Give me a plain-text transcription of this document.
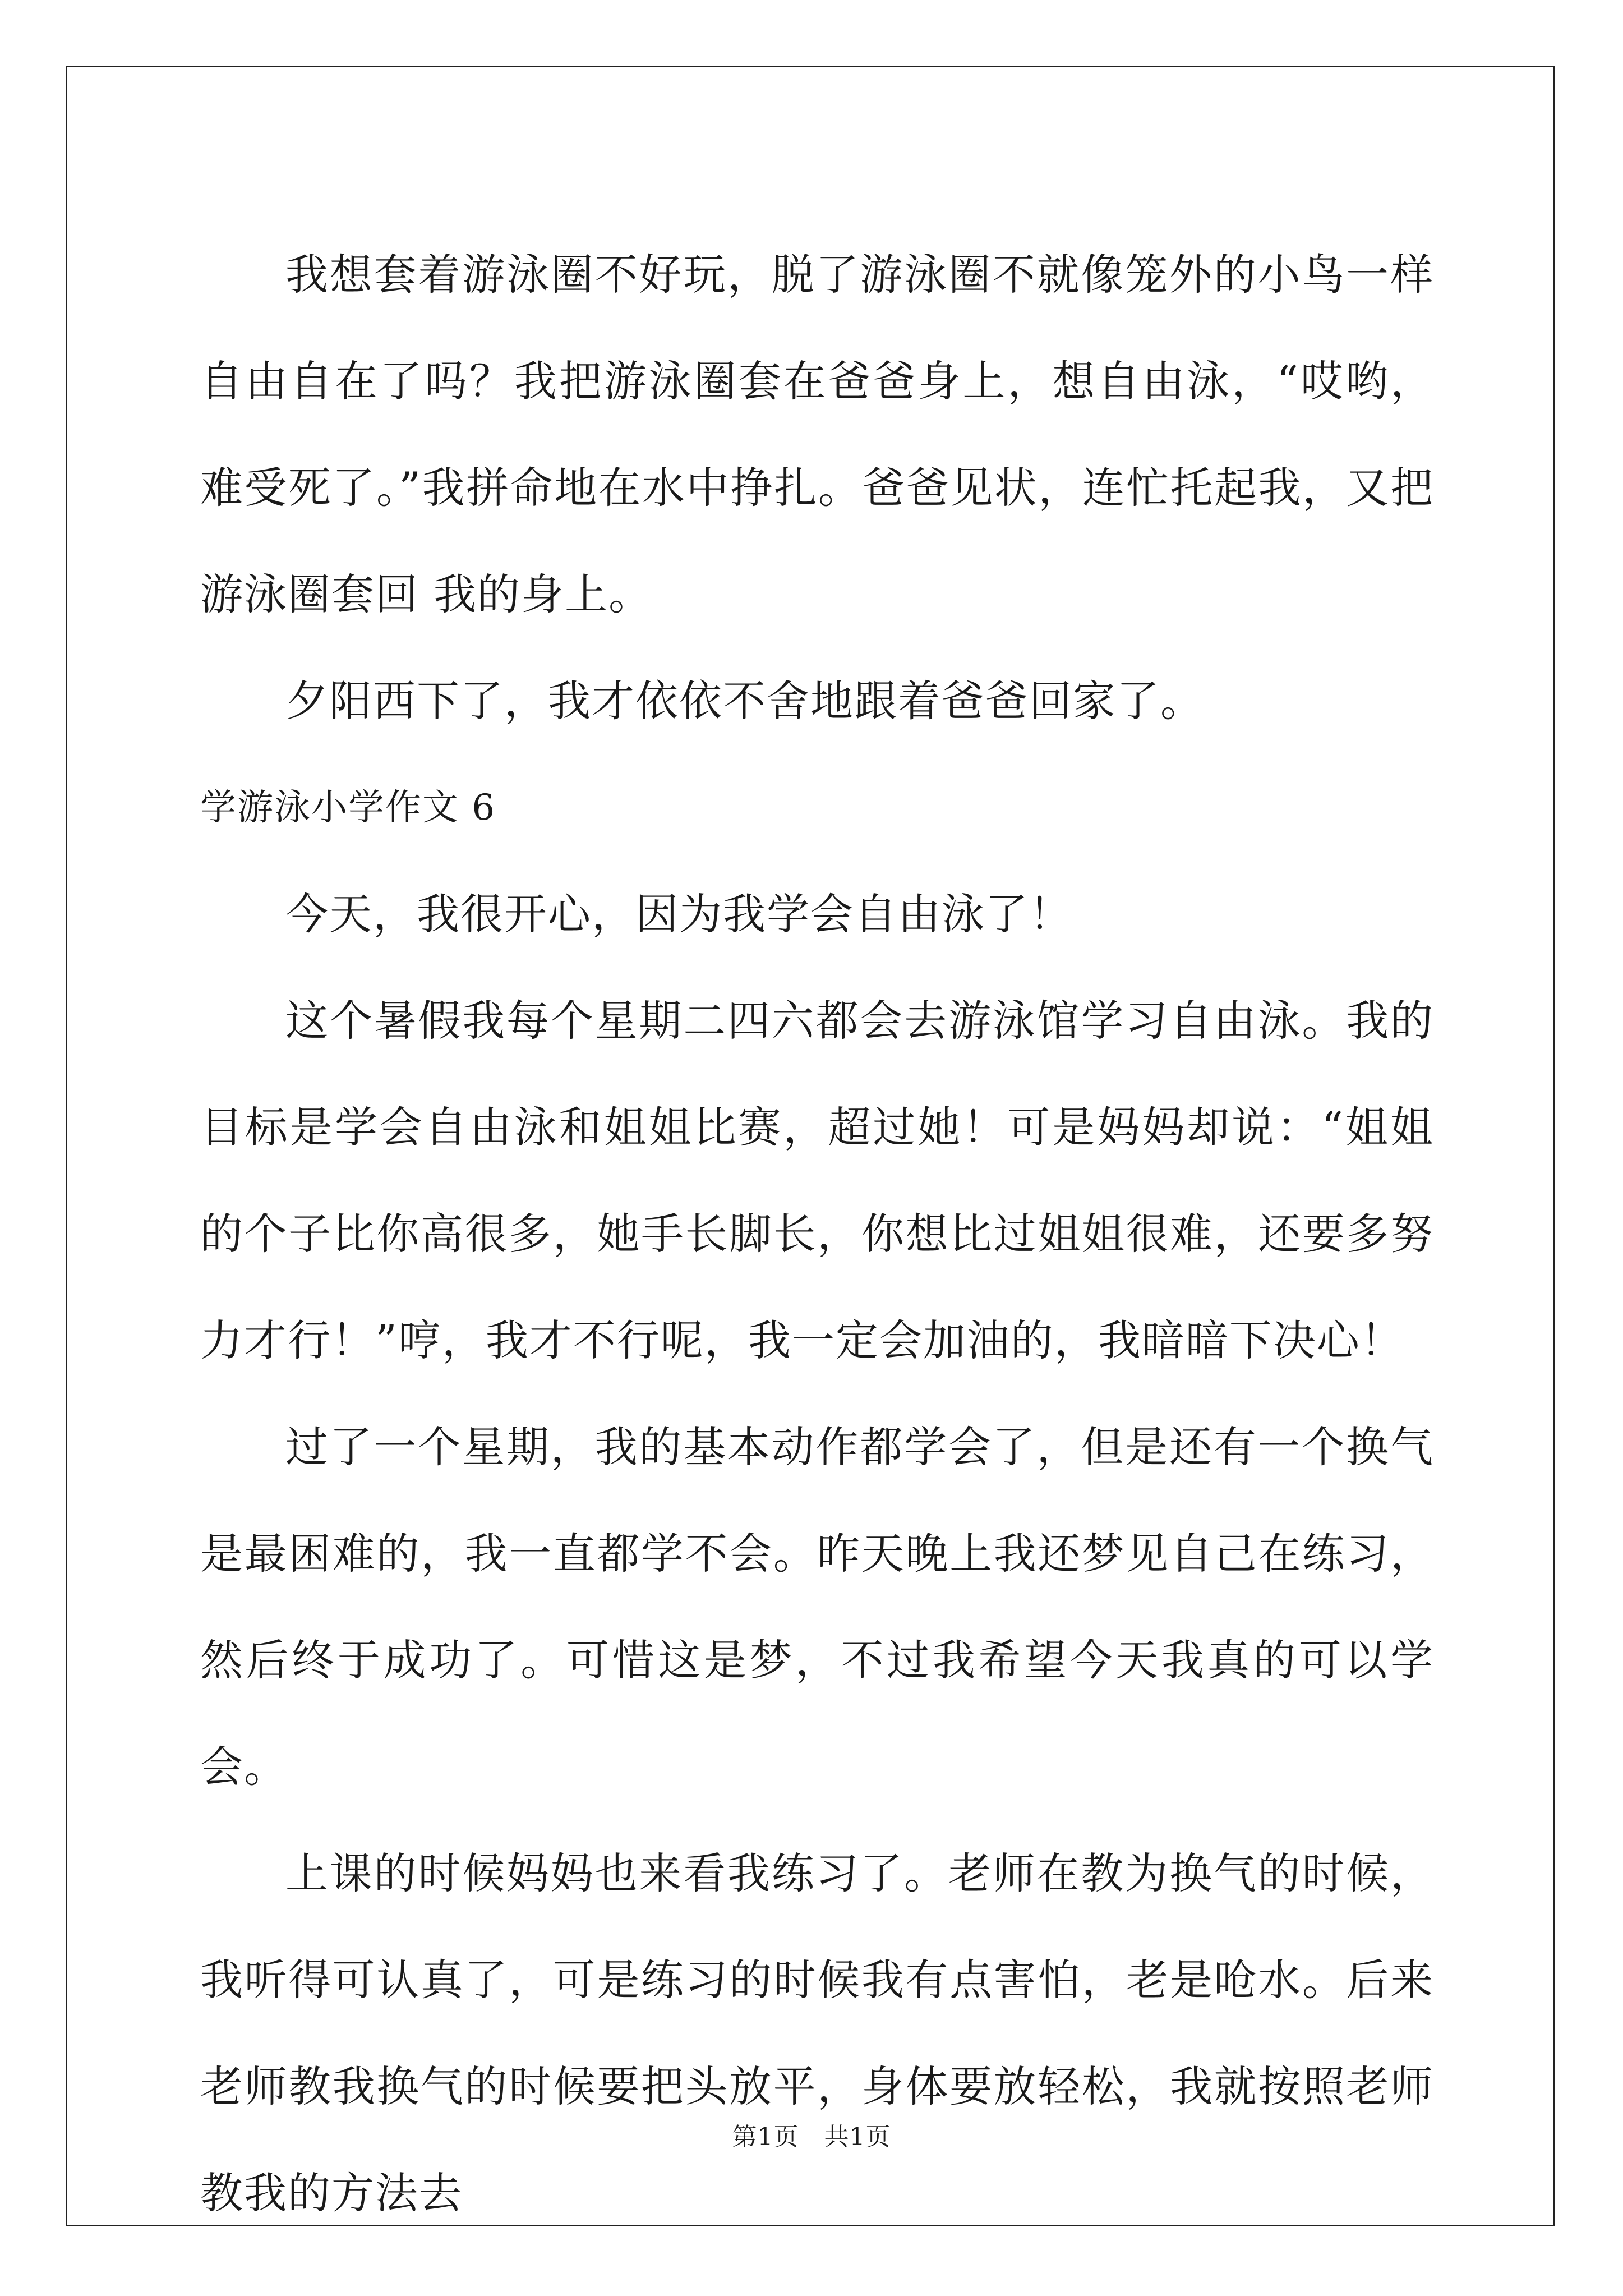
我想套着游泳圈不好玩，脱了游泳圈不就像笼外的小鸟一样自由自在了吗？我把游泳圈套在爸爸身上，想自由泳，“哎哟，难受死了。”我拼命地在水中挣扎。爸爸见状，连忙托起我，又把游泳圈套回 我的身上。

夕阳西下了，我才依依不舍地跟着爸爸回家了。

学游泳小学作文 6

今天，我很开心，因为我学会自由泳了！

这个暑假我每个星期二四六都会去游泳馆学习自由泳。我的目标是学会自由泳和姐姐比赛，超过她！可是妈妈却说：“姐姐的个子比你高很多，她手长脚长，你想比过姐姐很难，还要多努力才行！”哼，我才不行呢，我一定会加油的，我暗暗下决心！

过了一个星期，我的基本动作都学会了，但是还有一个换气是最困难的，我一直都学不会。昨天晚上我还梦见自己在练习，然后终于成功了。可惜这是梦，不过我希望今天我真的可以学会。

上课的时候妈妈也来看我练习了。老师在教为换气的时候，我听得可认真了，可是练习的时候我有点害怕，老是呛水。后来老师教我换气的时候要把头放平，身体要放轻松，我就按照老师教我的方法去

第1页　共1页
